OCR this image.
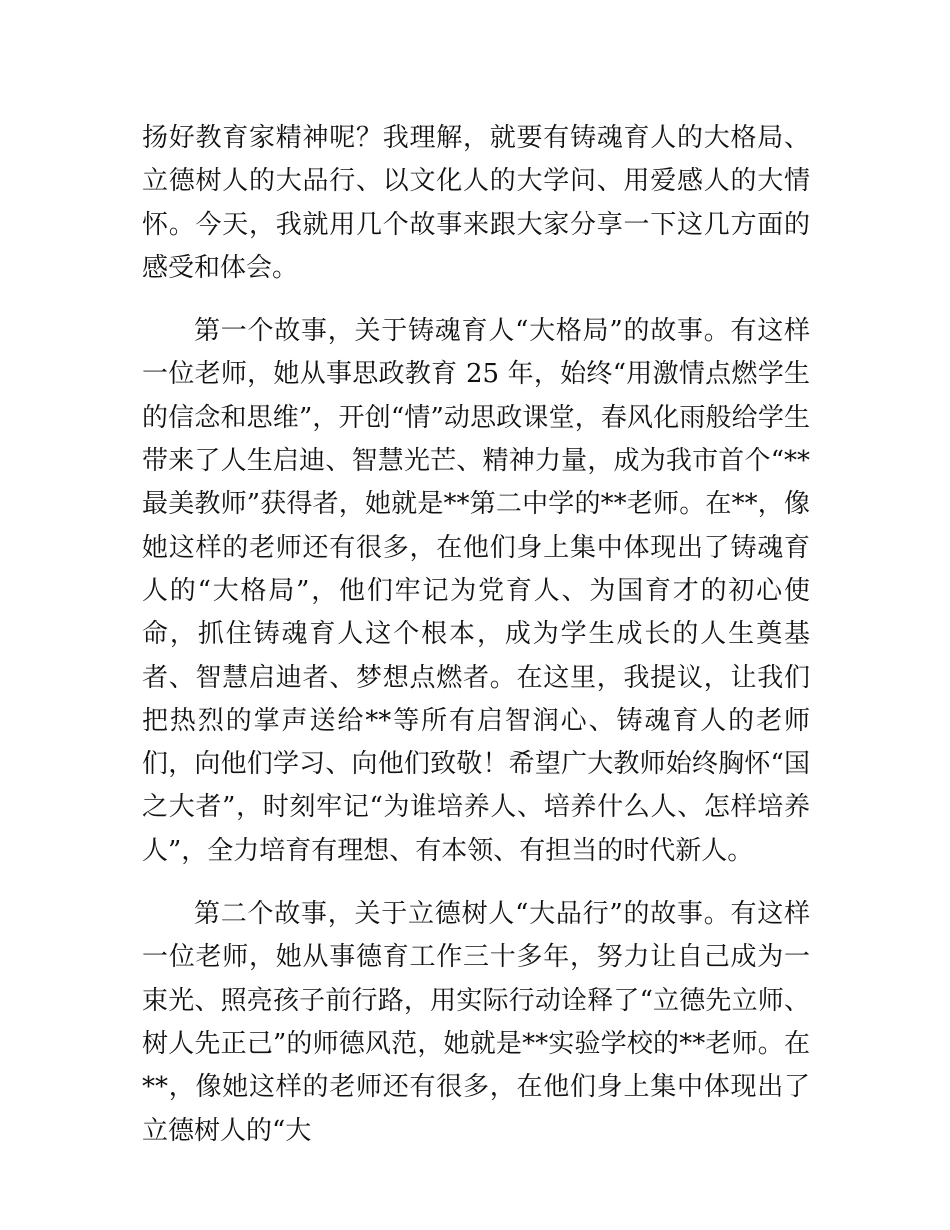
扬好教育家精神呢？我理解，就要有铸魂育人的大格局、立德树人的大品行、以文化人的大学问、用爱感人的大情怀。今天，我就用几个故事来跟大家分享一下这几方面的感受和体会。

第一个故事，关于铸魂育人“大格局”的故事。有这样一位老师，她从事思政教育 25 年，始终“用激情点燃学生的信念和思维”，开创“情”动思政课堂，春风化雨般给学生带来了人生启迪、智慧光芒、精神力量，成为我市首个“**最美教师”获得者，她就是**第二中学的**老师。在**，像她这样的老师还有很多，在他们身上集中体现出了铸魂育人的“大格局”，他们牢记为党育人、为国育才的初心使命，抓住铸魂育人这个根本，成为学生成长的人生奠基者、智慧启迪者、梦想点燃者。在这里，我提议，让我们把热烈的掌声送给**等所有启智润心、铸魂育人的老师们，向他们学习、向他们致敬！希望广大教师始终胸怀“国之大者”，时刻牢记“为谁培养人、培养什么人、怎样培养人”，全力培育有理想、有本领、有担当的时代新人。

第二个故事，关于立德树人“大品行”的故事。有这样一位老师，她从事德育工作三十多年，努力让自己成为一束光、照亮孩子前行路，用实际行动诠释了“立德先立师、树人先正己”的师德风范，她就是**实验学校的**老师。在**，像她这样的老师还有很多，在他们身上集中体现出了立德树人的“大
